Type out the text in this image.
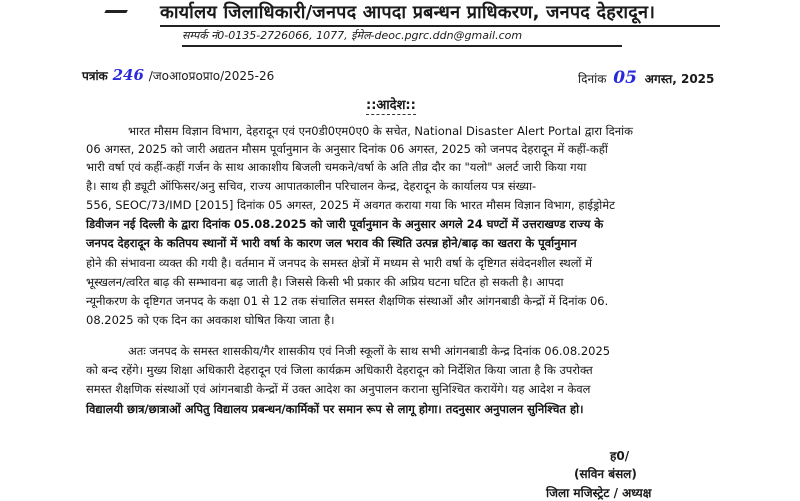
कार्यालय जिलाधिकारी/जनपद आपदा प्रबन्धन प्राधिकरण, जनपद देहरादून।
सम्पर्क नं0-0135-2726066, 1077, ईमेल-deoc.pgrc.ddn@gmail.com
पत्रांक 246 /जoआoप्रoप्राo/2025-26	दिनांक 05 अगस्त, 2025
::आदेश::
भारत मौसम विज्ञान विभाग, देहरादून एवं एन0डी0एम0ए0 के सचेत, National Disaster Alert Portal द्वारा दिनांक
06 अगस्त, 2025 को जारी अद्यतन मौसम पूर्वानुमान के अनुसार दिनांक 06 अगस्त, 2025 को जनपद देहरादून में कहीं-कहीं
भारी वर्षा एवं कहीं-कहीं गर्जन के साथ आकाशीय बिजली चमकने/वर्षा के अति तीव्र दौर का "यलो" अलर्ट जारी किया गया
है। साथ ही ड्यूटी ऑफिसर/अनु सचिव, राज्य आपातकालीन परिचालन केन्द्र, देहरादून के कार्यालय पत्र संख्या-
556, SEOC/73/IMD [2015] दिनांक 05 अगस्त, 2025 में अवगत कराया गया कि भारत मौसम विज्ञान विभाग, हाईड्रोमेट
डिवीजन नई दिल्ली के द्वारा दिनांक 05.08.2025 को जारी पूर्वानुमान के अनुसार अगले 24 घण्टों में उत्तराखण्ड राज्य के
जनपद देहरादून के कतिपय स्थानों में भारी वर्षा के कारण जल भराव की स्थिति उत्पन्न होने/बाढ़ का खतरा के पूर्वानुमान
होने की संभावना व्यक्त की गयी है। वर्तमान में जनपद के समस्त क्षेत्रों में मध्यम से भारी वर्षा के दृष्टिगत संवेदनशील स्थलों में
भूस्खलन/त्वरित बाढ़ की सम्भावना बढ़ जाती है। जिससे किसी भी प्रकार की अप्रिय घटना घटित हो सकती है। आपदा
न्यूनीकरण के दृष्टिगत जनपद के कक्षा 01 से 12 तक संचालित समस्त शैक्षणिक संस्थाओं और आंगनबाडी केन्द्रों में दिनांक 06.
08.2025 को एक दिन का अवकाश घोषित किया जाता है।
अतः जनपद के समस्त शासकीय/गैर शासकीय एवं निजी स्कूलों के साथ सभी आंगनबाडी केन्द्र दिनांक 06.08.2025
को बन्द रहेंगे। मुख्य शिक्षा अधिकारी देहरादून एवं जिला कार्यक्रम अधिकारी देहरादून को निर्देशित किया जाता है कि उपरोक्त
समस्त शैक्षणिक संस्थाओं एवं आंगनबाडी केन्द्रों में उक्त आदेश का अनुपालन कराना सुनिश्चित करायेंगे। यह आदेश न केवल
विद्यालयी छात्र/छात्राओं अपितु विद्यालय प्रबन्धन/कार्मिकों पर समान रूप से लागू होगा। तदनुसार अनुपालन सुनिश्चित हो।
ह0/
(सविन बंसल)
जिला मजिस्ट्रेट / अध्यक्ष
